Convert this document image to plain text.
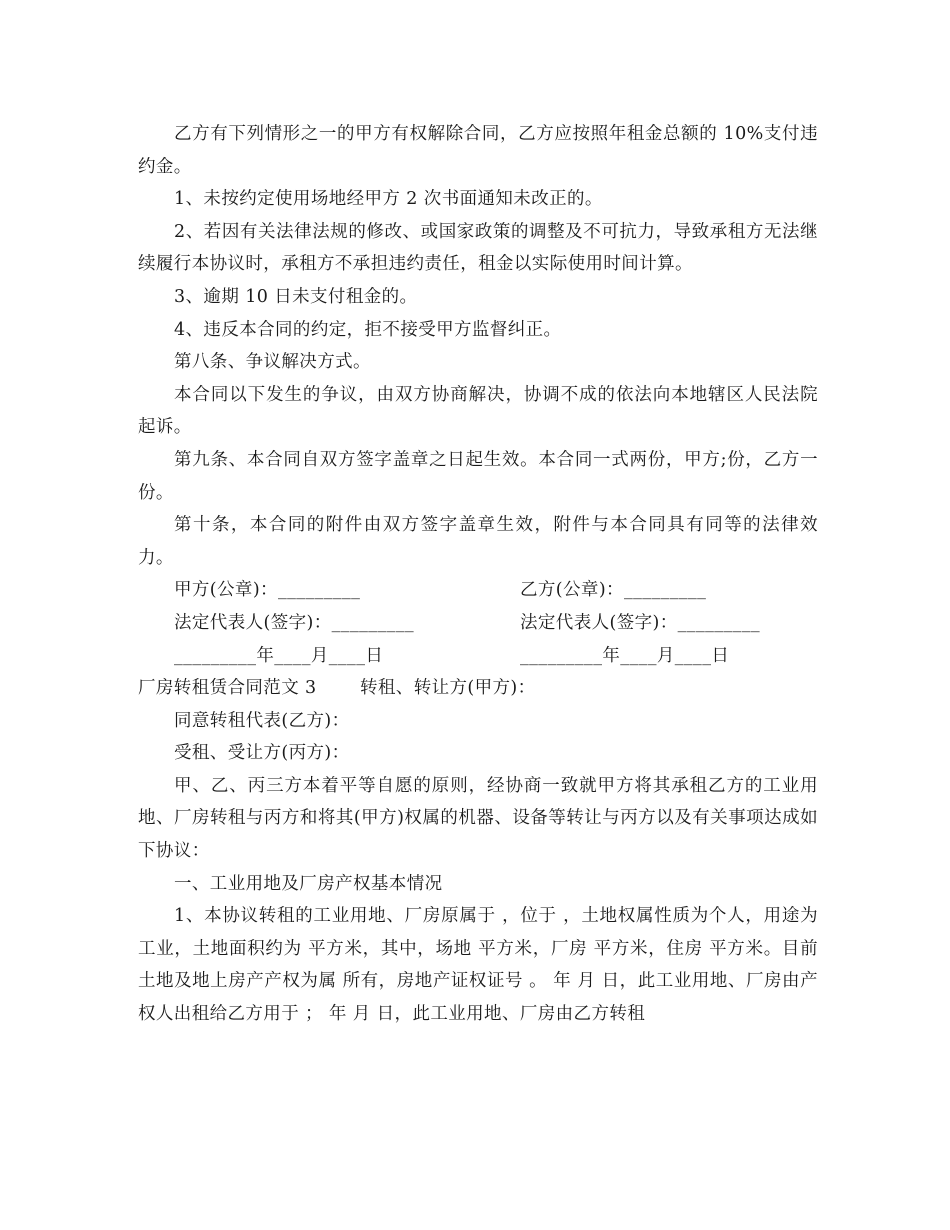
乙方有下列情形之一的甲方有权解除合同，乙方应按照年租金总额的 10%支付违约金。

1、未按约定使用场地经甲方 2 次书面通知未改正的。

2、若因有关法律法规的修改、或国家政策的调整及不可抗力，导致承租方无法继续履行本协议时，承租方不承担违约责任，租金以实际使用时间计算。

3、逾期 10 日未支付租金的。

4、违反本合同的约定，拒不接受甲方监督纠正。

第八条、争议解决方式。

本合同以下发生的争议，由双方协商解决，协调不成的依法向本地辖区人民法院起诉。

第九条、本合同自双方签字盖章之日起生效。本合同一式两份，甲方;份，乙方一份。

第十条，本合同的附件由双方签字盖章生效，附件与本合同具有同等的法律效力。

甲方(公章)：_________	乙方(公章)：_________
法定代表人(签字)：_________	法定代表人(签字)：_________
_________年____月____日	_________年____月____日
厂房转租赁合同范文 3	转租、转让方(甲方)：

同意转租代表(乙方)：

受租、受让方(丙方)：

甲、乙、丙三方本着平等自愿的原则，经协商一致就甲方将其承租乙方的工业用地、厂房转租与丙方和将其(甲方)权属的机器、设备等转让与丙方以及有关事项达成如下协议：

一、工业用地及厂房产权基本情况

1、本协议转租的工业用地、厂房原属于 ，位于 ，土地权属性质为个人，用途为工业，土地面积约为 平方米，其中，场地 平方米，厂房 平方米，住房 平方米。目前土地及地上房产产权为属 所有，房地产证权证号 。 年 月 日，此工业用地、厂房由产权人出租给乙方用于 ； 年 月 日，此工业用地、厂房由乙方转租
